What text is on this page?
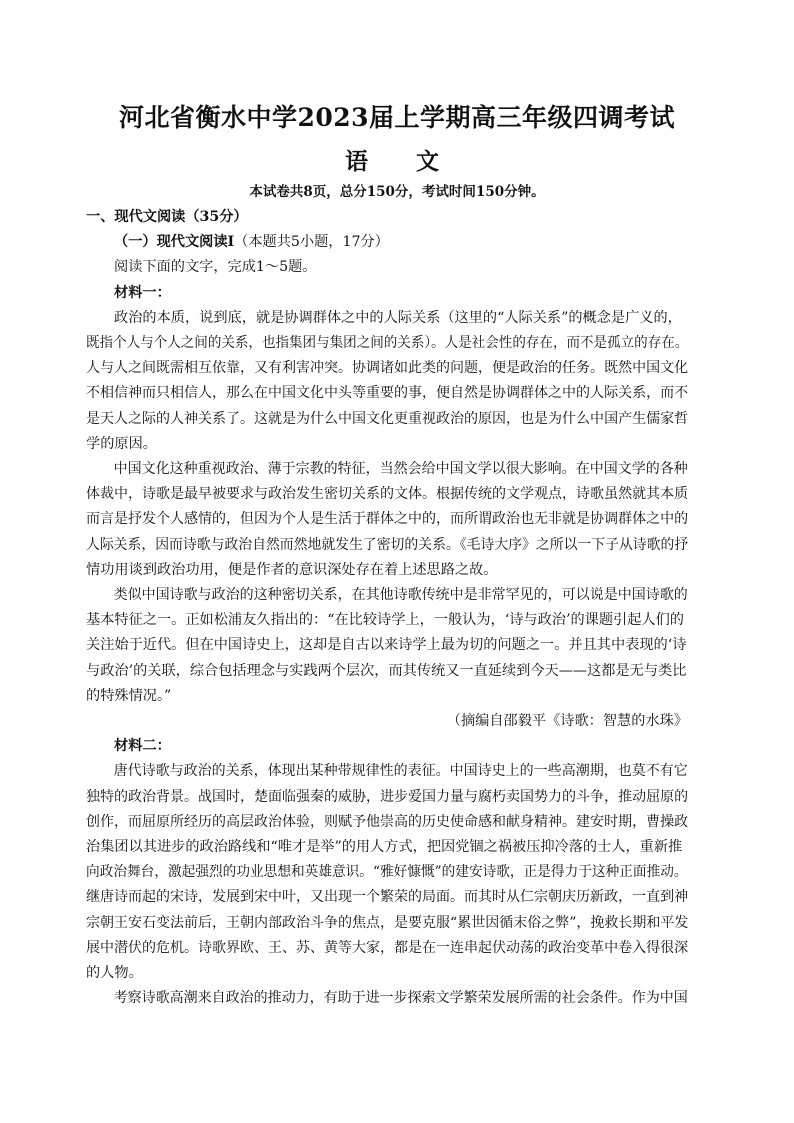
河北省衡水中学2023届上学期高三年级四调考试
语 文
本试卷共8页，总分150分，考试时间150分钟。
一、现代文阅读（35分）
（一）现代文阅读Ⅰ（本题共5小题，17分）
阅读下面的文字，完成1～5题。
材料一：
政治的本质，说到底，就是协调群体之中的人际关系（这里的“人际关系”的概念是广义的，
既指个人与个人之间的关系，也指集团与集团之间的关系）。人是社会性的存在，而不是孤立的存在。
人与人之间既需相互依靠，又有利害冲突。协调诸如此类的问题，便是政治的任务。既然中国文化
不相信神而只相信人，那么在中国文化中头等重要的事，便自然是协调群体之中的人际关系，而不
是天人之际的人神关系了。这就是为什么中国文化更重视政治的原因，也是为什么中国产生儒家哲
学的原因。
中国文化这种重视政治、薄于宗教的特征，当然会给中国文学以很大影响。在中国文学的各种
体裁中，诗歌是最早被要求与政治发生密切关系的文体。根据传统的文学观点，诗歌虽然就其本质
而言是抒发个人感情的，但因为个人是生活于群体之中的，而所谓政治也无非就是协调群体之中的
人际关系，因而诗歌与政治自然而然地就发生了密切的关系。《毛诗大序》之所以一下子从诗歌的抒
情功用谈到政治功用，便是作者的意识深处存在着上述思路之故。
类似中国诗歌与政治的这种密切关系，在其他诗歌传统中是非常罕见的，可以说是中国诗歌的
基本特征之一。正如松浦友久指出的：“在比较诗学上，一般认为，‘诗与政治’的课题引起人们的
关注始于近代。但在中国诗史上，这却是自古以来诗学上最为切的问题之一。并且其中表现的‘诗
与政治’的关联，综合包括理念与实践两个层次，而其传统又一直延续到今天——这都是无与类比
的特殊情况。”
（摘编自邵毅平《诗歌：智慧的水珠》
材料二：
唐代诗歌与政治的关系，体现出某种带规律性的表征。中国诗史上的一些高潮期，也莫不有它
独特的政治背景。战国时，楚面临强秦的威胁，进步爱国力量与腐朽卖国势力的斗争，推动屈原的
创作，而屈原所经历的高层政治体验，则赋予他崇高的历史使命感和献身精神。建安时期，曹操政
治集团以其进步的政治路线和“唯才是举”的用人方式，把因党锢之祸被压抑冷落的士人，重新推
向政治舞台，激起强烈的功业思想和英雄意识。“雅好慷慨”的建安诗歌，正是得力于这种正面推动。
继唐诗而起的宋诗，发展到宋中叶，又出现一个繁荣的局面。而其时从仁宗朝庆历新政，一直到神
宗朝王安石变法前后，王朝内部政治斗争的焦点，是要克服“累世因循末俗之弊”，挽救长期和平发
展中潜伏的危机。诗歌界欧、王、苏、黄等大家，都是在一连串起伏动荡的政治变革中卷入得很深
的人物。
考察诗歌高潮来自政治的推动力，有助于进一步探索文学繁荣发展所需的社会条件。作为中国
